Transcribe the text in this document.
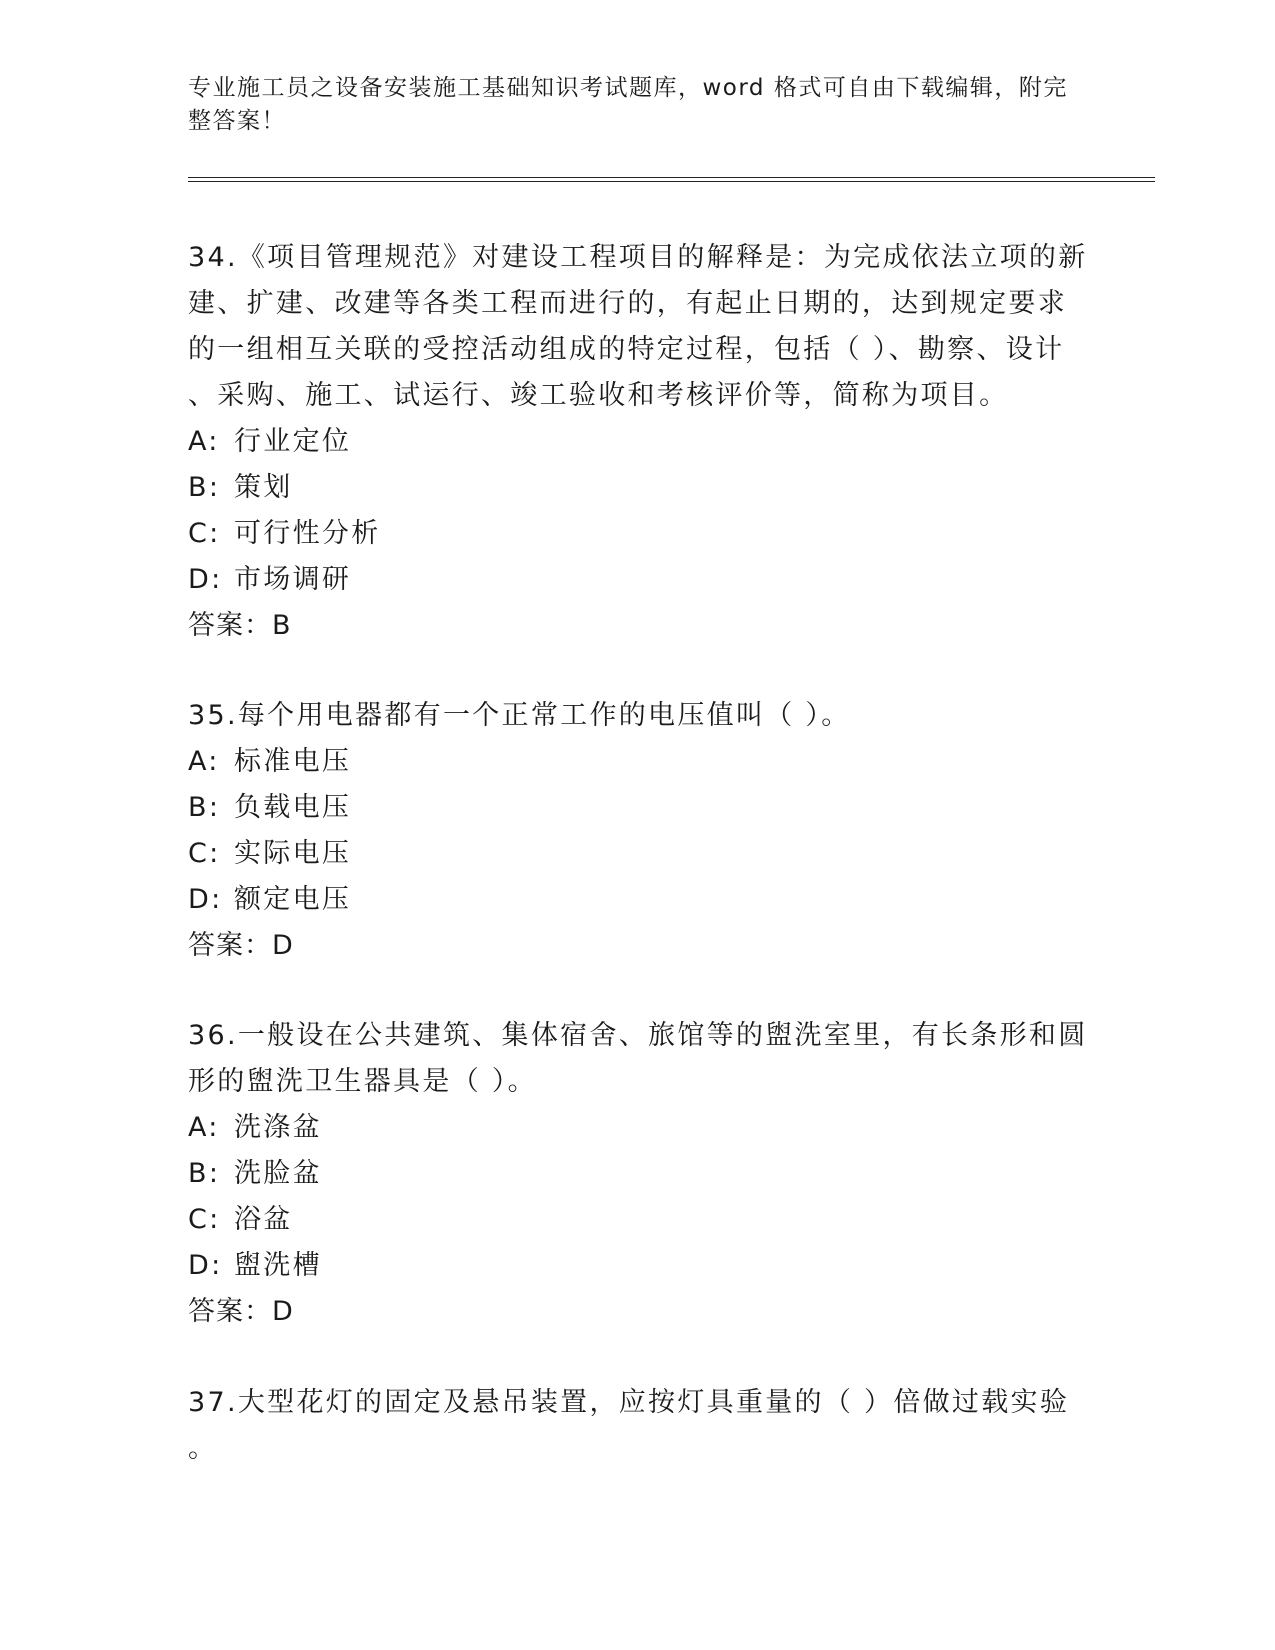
专业施工员之设备安装施工基础知识考试题库，word 格式可自由下载编辑，附完
整答案！

34.《项目管理规范》对建设工程项目的解释是：为完成依法立项的新

建、扩建、改建等各类工程而进行的，有起止日期的，达到规定要求

的一组相互关联的受控活动组成的特定过程，包括（ ）、勘察、设计

、采购、施工、试运行、竣工验收和考核评价等，简称为项目。

A: 行业定位

B: 策划

C: 可行性分析

D: 市场调研

答案：B

35.每个用电器都有一个正常工作的电压值叫（ ）。

A: 标准电压

B: 负载电压

C: 实际电压

D: 额定电压

答案：D

36.一般设在公共建筑、集体宿舍、旅馆等的盥洗室里，有长条形和圆

形的盥洗卫生器具是（ ）。

A: 洗涤盆

B: 洗脸盆

C: 浴盆

D: 盥洗槽

答案：D

37.大型花灯的固定及悬吊装置，应按灯具重量的（ ）倍做过载实验

。
